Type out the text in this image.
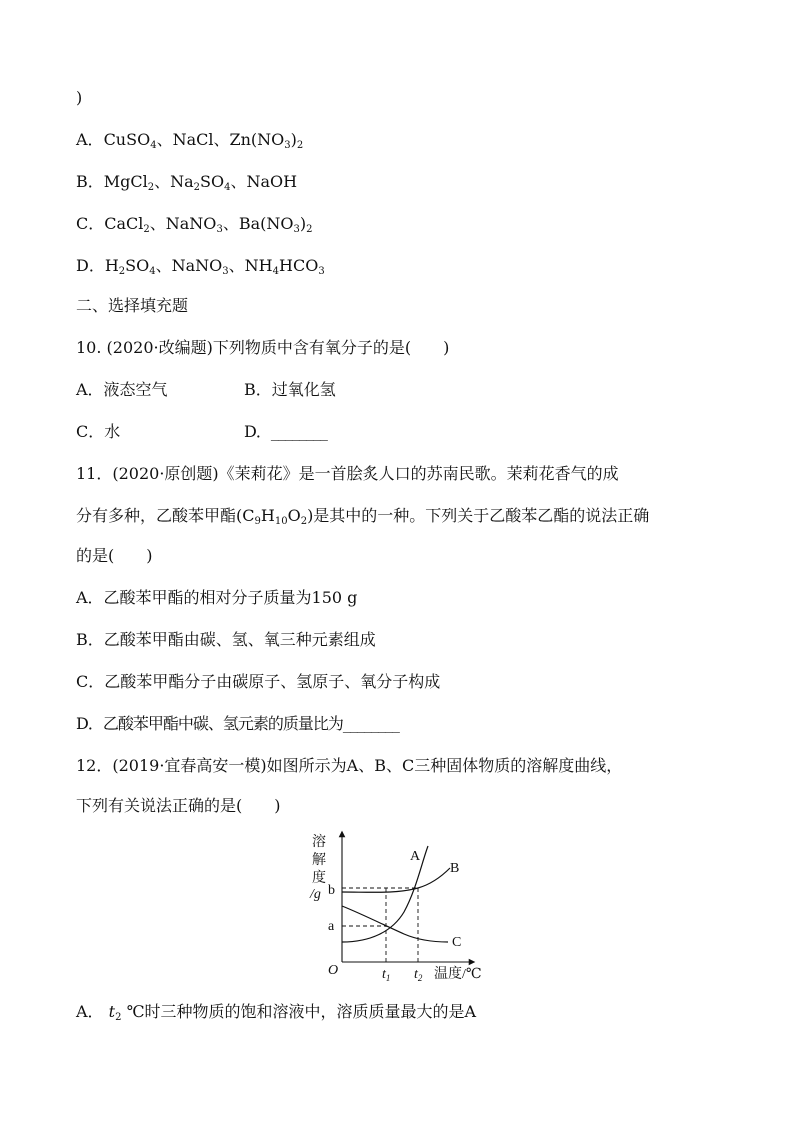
)
A．CuSO$_4$、NaCl、$Zn(NO_3)_2$
B．MgCl$_2$、$Na_2SO_4$、NaOH
C．CaCl$_2$、NaNO$_3$、$Ba(NO_3)_2$
D．$H_2SO_4$、NaNO$_3$、$NH_4HCO_3$
二、选择填充题
10. (2020·改编题)下列物质中含有氧分子的是(　　)
A．液态空气	B．过氧化氢
C．水	D．________
11．(2020·原创题)《茉莉花》是一首脍炙人口的苏南民歌。茉莉花香气的成
分有多种，乙酸苯甲酯$(C_9H_{10}O_2)$是其中的一种。下列关于乙酸苯乙酯的说法正确
的是(　　)
A．乙酸苯甲酯的相对分子质量为150 g
B．乙酸苯甲酯由碳、氢、氧三种元素组成
C．乙酸苯甲酯分子由碳原子、氢原子、氧分子构成
D．乙酸苯甲酯中碳、氢元素的质量比为________
12．(2019·宜春高安一模)如图所示为A、B、C三种固体物质的溶解度曲线，
下列有关说法正确的是(　　)
溶
解
度
/g b
a
O	$t_1$ $t_2$ 温度/℃
A
B
C
A． $t_2$ ℃时三种物质的饱和溶液中，溶质质量最大的是A
